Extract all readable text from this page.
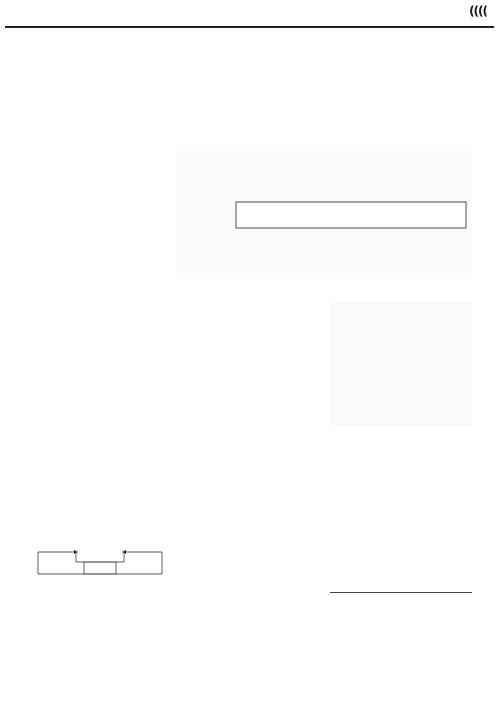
((((
